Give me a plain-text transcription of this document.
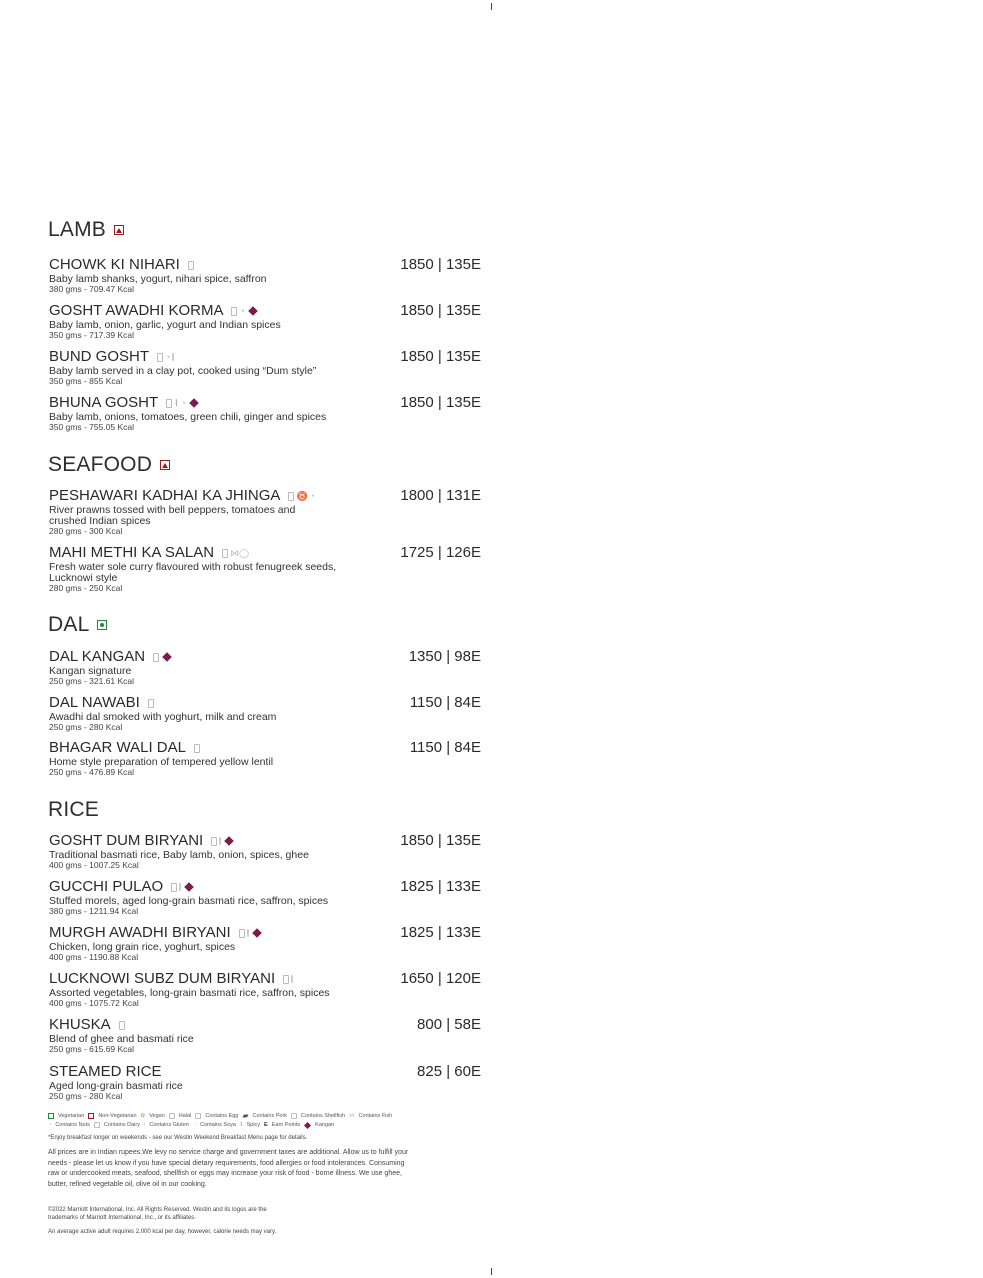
LAMB
CHOWK KI NIHARI
Baby lamb shanks, yogurt, nihari spice, saffron
380 gms - 709.47 Kcal
1850 | 135E
GOSHT AWADHI KORMA ◔
Baby lamb, onion, garlic, yogurt and Indian spices
350 gms - 717.39 Kcal
1850 | 135E
BUND GOSHT ◔
Baby lamb served in a clay pot, cooked using “Dum style”
350 gms - 855 Kcal
1850 | 135E
BHUNA GOSHT ⌇ ◔
Baby lamb, onions, tomatoes, green chili, ginger and spices
350 gms - 755.05 Kcal
1850 | 135E
SEAFOOD
PESHAWARI KADHAI KA JHINGA ♉ ◔
River prawns tossed with bell peppers, tomatoes and crushed Indian spices
280 gms - 300 Kcal
1800 | 131E
MAHI METHI KA SALAN ⋈◯
Fresh water sole curry flavoured with robust fenugreek seeds, Lucknowi style
280 gms - 250 Kcal
1725 | 126E
DAL
DAL KANGAN
Kangan signature
250 gms - 321.61 Kcal
1350 | 98E
DAL NAWABI
Awadhi dal smoked with yoghurt, milk and cream
250 gms - 280 Kcal
1150 | 84E
BHAGAR WALI DAL
Home style preparation of tempered yellow lentil
250 gms - 476.89 Kcal
1150 | 84E
RICE
GOSHT DUM BIRYANI
Traditional basmati rice, Baby lamb, onion, spices, ghee
400 gms - 1007.25 Kcal
1850 | 135E
GUCCHI PULAO
Stuffed morels, aged long-grain basmati rice, saffron, spices
380 gms - 1211.94 Kcal
1825 | 133E
MURGH AWADHI BIRYANI
Chicken, long grain rice, yoghurt, spices
400 gms - 1190.88 Kcal
1825 | 133E
LUCKNOWI SUBZ DUM BIRYANI
Assorted vegetables, long-grain basmati rice, saffron, spices
400 gms - 1075.72 Kcal
1650 | 120E
KHUSKA
Blend of ghee and basmati rice
250 gms - 615.69 Kcal
800 | 58E
STEAMED RICE
Aged long-grain basmati rice
250 gms - 280 Kcal
825 | 60E
Vegetarian	Non-Vegetarian ✿ Vegan	Halal	Contains Egg ▰ Contains Pork	Contains Shellfish ⋈ Contains Fish
◔ Contains Nuts	Contains Dairy ǀ Contains Gluten ◌ Contains Soya ⌇ Spicy E Earn Points	Kangan
*Enjoy breakfast longer on weekends - see our Westin Weekend Breakfast Menu page for details.
All prices are in Indian rupees.We levy no service charge and government taxes are additional. Allow us to fulfill your needs - please let us know if you have special dietary requirements, food allergies or food intolerances. Consuming raw or undercooked meats, seafood, shellfish or eggs may increase your risk of food - borne illness. We use ghee, butter, refined vegetable oil, olive oil in our cooking.
©2022 Marriott International, Inc. All Rights Reserved. Westin and its logos are the trademarks of Marriott International, Inc., or its affiliates.
An average active adult requires 2,000 kcal per day, however, calorie needs may vary.
